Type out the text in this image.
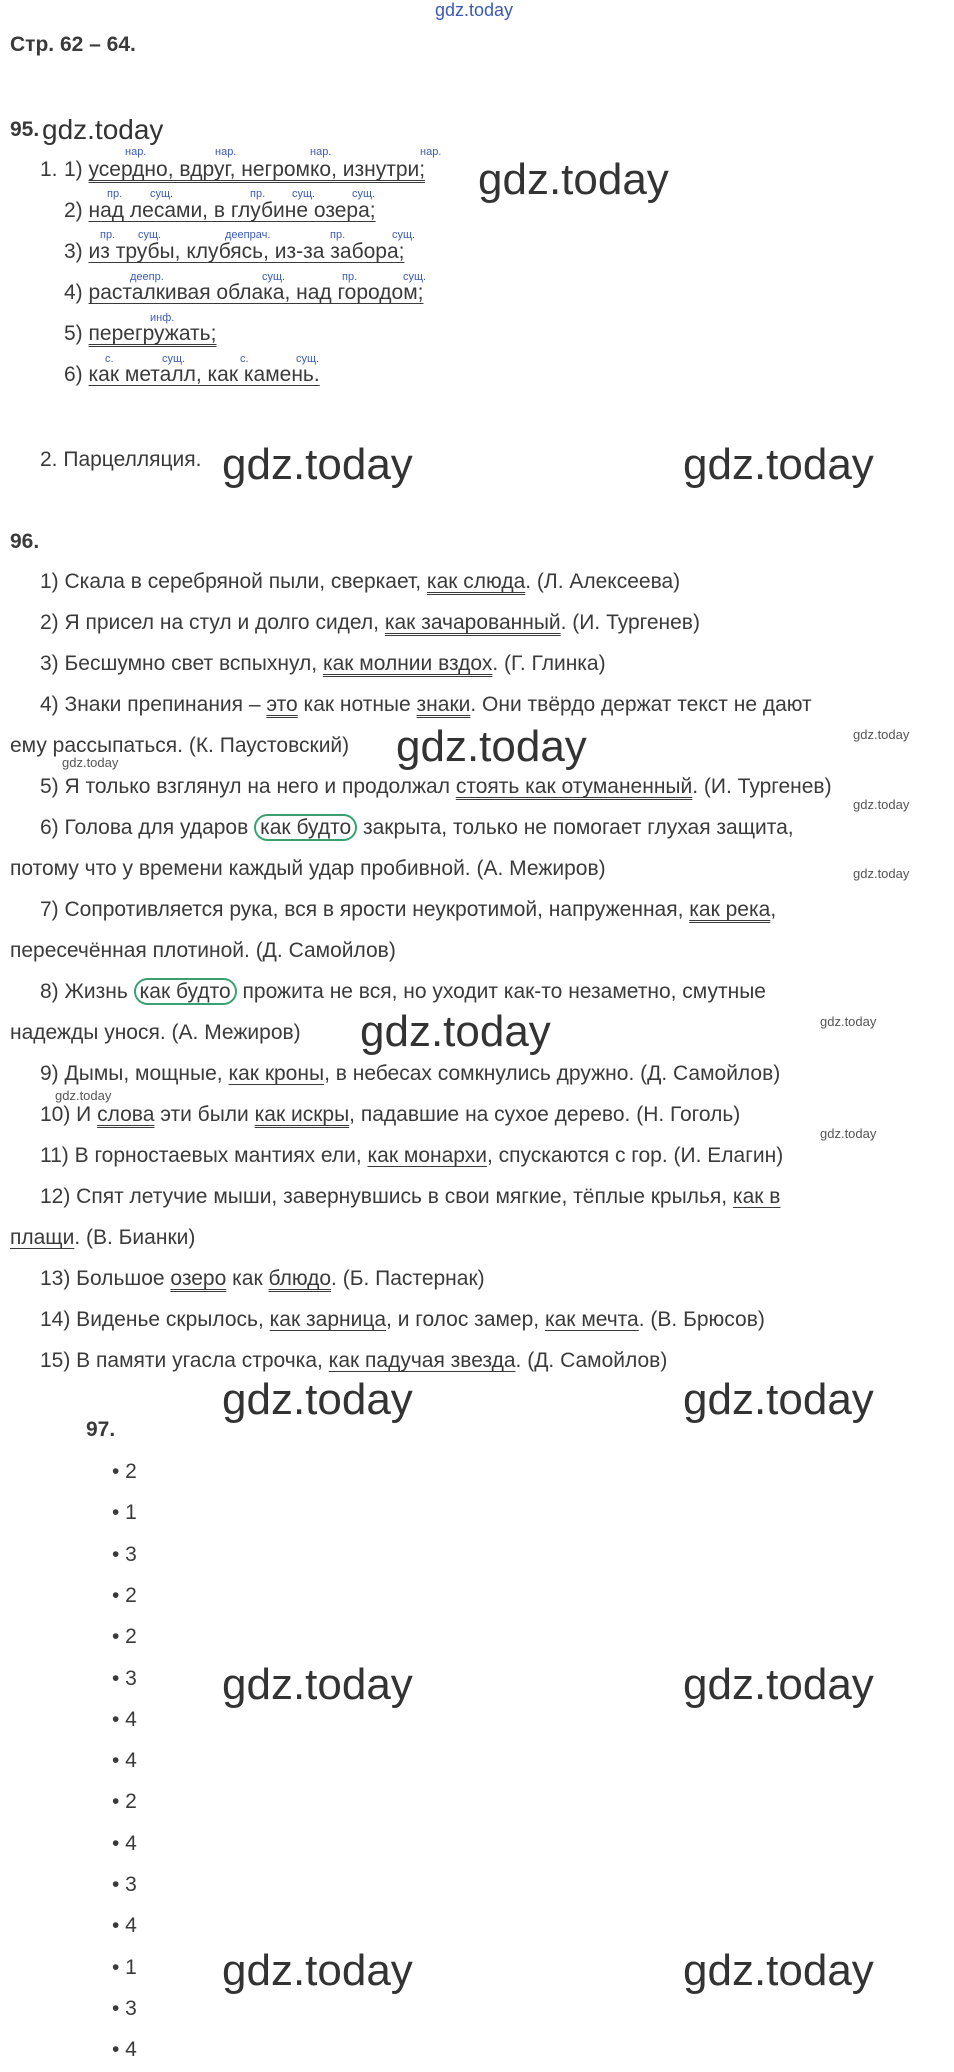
gdz.today
Стр. 62 – 64.
95. gdz.today
1. 1) усердно, вдруг, негромко, изнутри;
нар.	нар.	нар.	нар.
gdz.today
пр.	сущ.	пр. сущ.	сущ.
2) над лесами, в глубине озера;
пр. сущ.	деепрач.	пр.	сущ.
3) из трубы, клубясь, из-за забора;
деепр.	сущ.	пр.	сущ.
4) расталкивая облака, над городом;
инф.
5) перегружать;
с.	сущ.	с.	сущ.
6) как металл, как камень.
2. Парцелляция. gdz.today	gdz.today
96.
1) Скала в серебряной пыли, сверкает, как слюда. (Л. Алексеева)
2) Я присел на стул и долго сидел, как зачарованный. (И. Тургенев)
3) Бесшумно свет вспыхнул, как молнии вздох. (Г. Глинка)
4) Знаки препинания – это как нотные знаки. Они твёрдо держат текст не дают
ему рассыпаться. (К. Паустовский)	gdz.today
gdz.today
gdz.today
5) Я только взглянул на него и продолжал стоять как отуманенный. (И. Тургенев)
gdz.today
6) Голова для ударов как будто закрыта, только не помогает глухая защита,
потому что у времени каждый удар пробивной. (А. Межиров)	gdz.today
7) Сопротивляется рука, вся в ярости неукротимой, напруженная, как река,
пересечённая плотиной. (Д. Самойлов)
8) Жизнь как будто прожита не вся, но уходит как-то незаметно, смутные
надежды унося. (А. Межиров)	gdz.today
gdz.today
9) Дымы, мощные, как кроны, в небесах сомкнулись дружно. (Д. Самойлов)
gdz.today
10) И слова эти были как искры, падавшие на сухое дерево. (Н. Гоголь)
gdz.today
11) В горностаевых мантиях ели, как монархи, спускаются с гор. (И. Елагин)
12) Спят летучие мыши, завернувшись в свои мягкие, тёплые крылья, как в
плащи. (В. Бианки)
13) Большое озеро как блюдо. (Б. Пастернак)
14) Виденье скрылось, как зарница, и голос замер, как мечта. (В. Брюсов)
15) В памяти угасла строчка, как падучая звезда. (Д. Самойлов)
gdz.today	gdz.today
97.
• 2
• 1
• 3
• 2
• 2
• 3
• 4
• 4
• 2
• 4
• 3
• 4
• 1
• 3
• 4
gdz.today	gdz.today
gdz.today	gdz.today
